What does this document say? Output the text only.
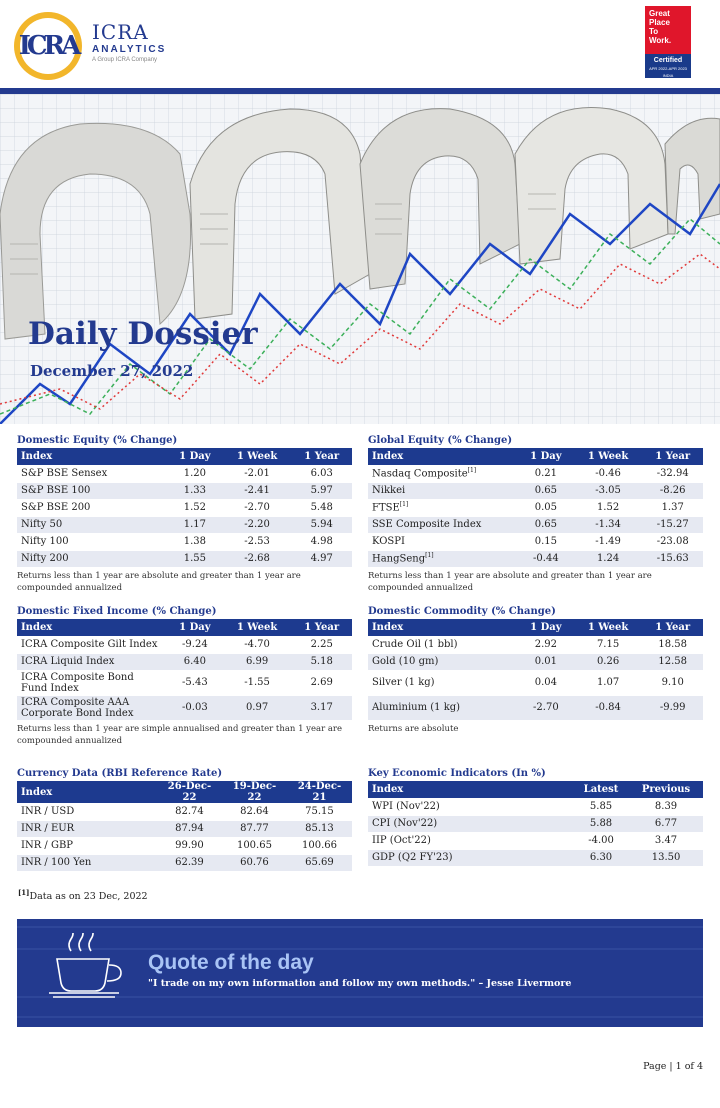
ICRA ICRA
ANALYTICS
A Group ICRA Company
Great
Place
To
Work.
Certified
APR 2022-APR 2023
INDIA
Daily Dossier
December 27, 2022
Domestic Equity (% Change)
Index	1 Day	1 Week	1 Year
S&P BSE Sensex	1.20	-2.01	6.03
S&P BSE 100	1.33	-2.41	5.97
S&P BSE 200	1.52	-2.70	5.48
Nifty 50	1.17	-2.20	5.94
Nifty 100	1.38	-2.53	4.98
Nifty 200	1.55	-2.68	4.97
Returns less than 1 year are absolute and greater than 1 year are compounded annualized
Global Equity (% Change)
Index	1 Day	1 Week	1 Year
Nasdaq Composite[1]	0.21	-0.46	-32.94
Nikkei	0.65	-3.05	-8.26
FTSE[1]	0.05	1.52	1.37
SSE Composite Index	0.65	-1.34	-15.27
KOSPI	0.15	-1.49	-23.08
HangSeng[1]	-0.44	1.24	-15.63
Returns less than 1 year are absolute and greater than 1 year are compounded annualized
Domestic Fixed Income (% Change)
Index	1 Day	1 Week	1 Year
ICRA Composite Gilt Index	-9.24	-4.70	2.25
ICRA Liquid Index	6.40	6.99	5.18
ICRA Composite Bond Fund Index	-5.43	-1.55	2.69
ICRA Composite AAA Corporate Bond Index	-0.03	0.97	3.17
Returns less than 1 year are simple annualised and greater than 1 year are compounded annualized
Domestic Commodity (% Change)
Index	1 Day	1 Week	1 Year
Crude Oil (1 bbl)	2.92	7.15	18.58
Gold (10 gm)	0.01	0.26	12.58
Silver (1 kg)	0.04	1.07	9.10
Aluminium (1 kg)	-2.70	-0.84	-9.99
Returns are absolute
Currency Data (RBI Reference Rate)
Index	26-Dec-22	19-Dec-22	24-Dec-21
INR / USD	82.74	82.64	75.15
INR / EUR	87.94	87.77	85.13
INR / GBP	99.90	100.65	100.66
INR / 100 Yen	62.39	60.76	65.69
Key Economic Indicators (In %)
Index	Latest	Previous
WPI (Nov'22)	5.85	8.39
CPI (Nov'22)	5.88	6.77
IIP (Oct'22)	-4.00	3.47
GDP (Q2 FY'23)	6.30	13.50
[1]Data as on 23 Dec, 2022
Quote of the day
"I trade on my own information and follow my own methods." – Jesse Livermore
Page | 1 of 4
